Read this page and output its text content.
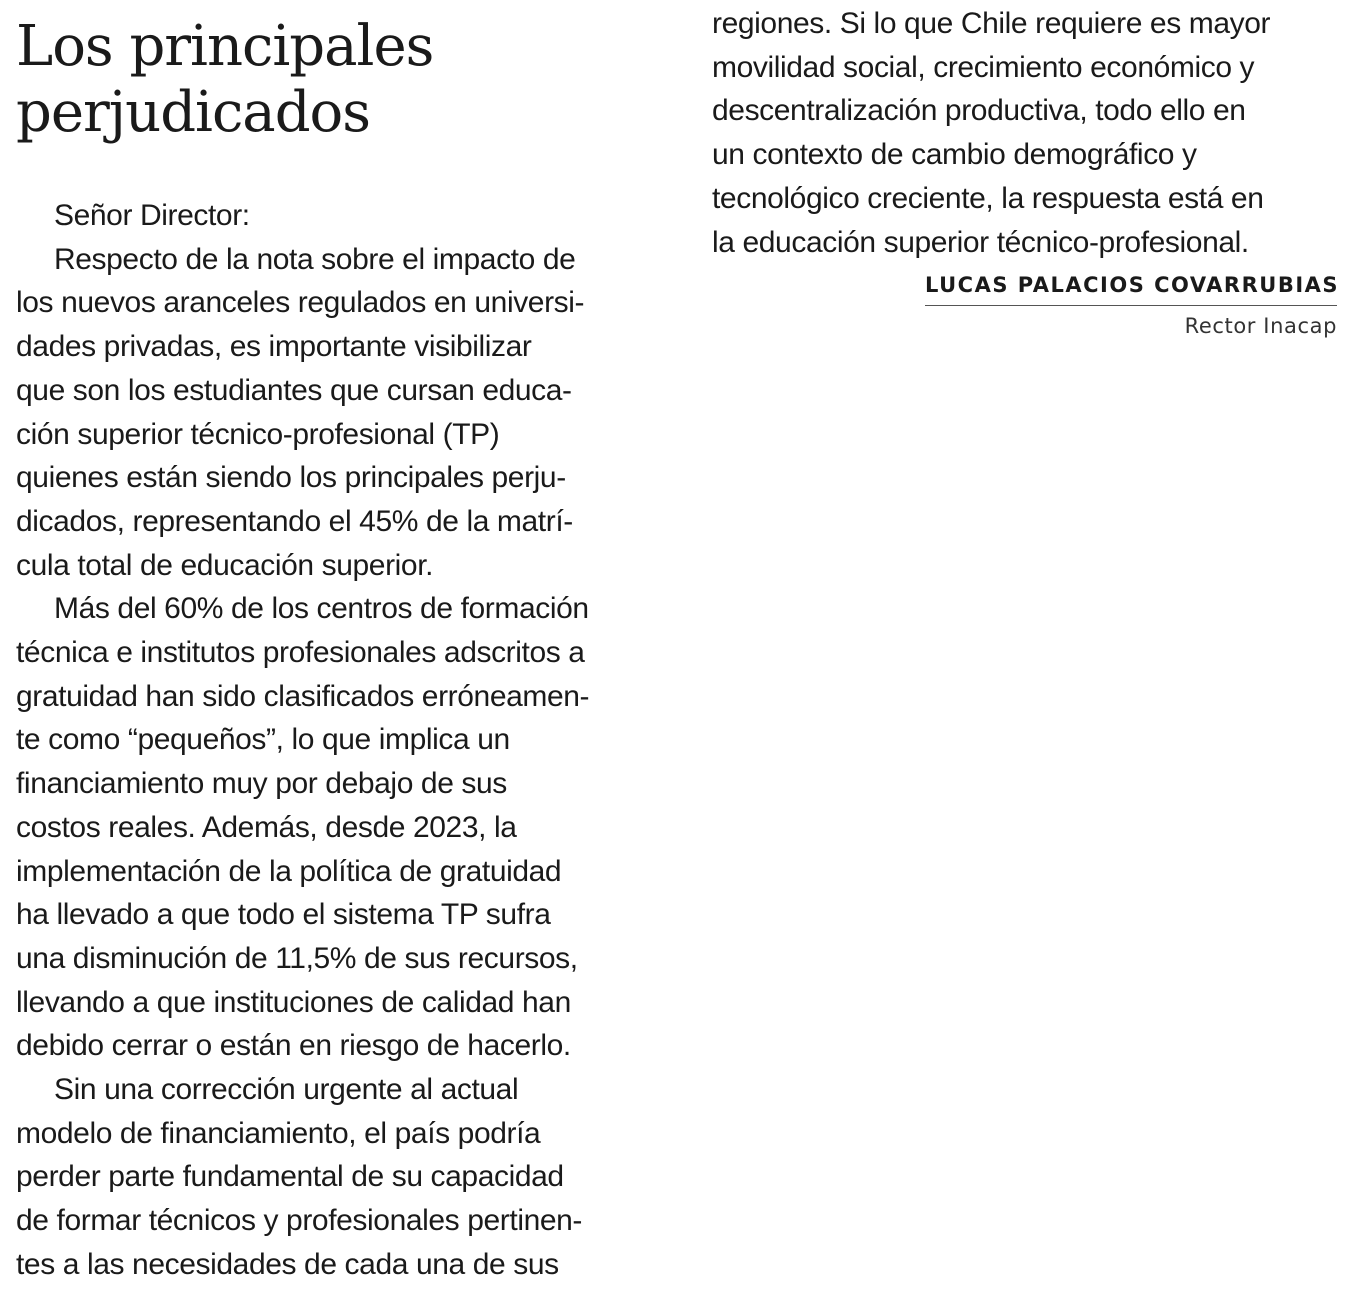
Los principales
perjudicados
Señor Director:
Respecto de la nota sobre el impacto de
los nuevos aranceles regulados en universi-
dades privadas, es importante visibilizar
que son los estudiantes que cursan educa-
ción superior técnico-profesional (TP)
quienes están siendo los principales perju-
dicados, representando el 45% de la matrí-
cula total de educación superior.
Más del 60% de los centros de formación
técnica e institutos profesionales adscritos a
gratuidad han sido clasificados erróneamen-
te como “pequeños”, lo que implica un
financiamiento muy por debajo de sus
costos reales. Además, desde 2023, la
implementación de la política de gratuidad
ha llevado a que todo el sistema TP sufra
una disminución de 11,5% de sus recursos,
llevando a que instituciones de calidad han
debido cerrar o están en riesgo de hacerlo.
Sin una corrección urgente al actual
modelo de financiamiento, el país podría
perder parte fundamental de su capacidad
de formar técnicos y profesionales pertinen-
tes a las necesidades de cada una de sus
regiones. Si lo que Chile requiere es mayor
movilidad social, crecimiento económico y
descentralización productiva, todo ello en
un contexto de cambio demográfico y
tecnológico creciente, la respuesta está en
la educación superior técnico-profesional.
LUCAS PALACIOS COVARRUBIAS
Rector Inacap
